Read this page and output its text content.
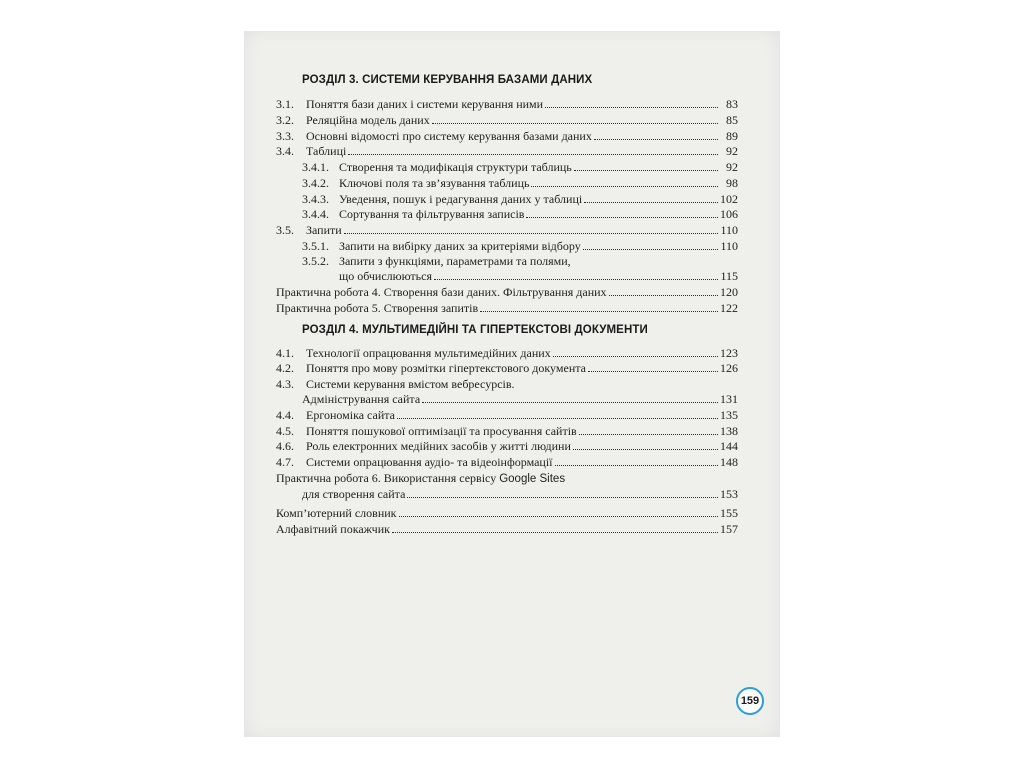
РОЗДІЛ 3. СИСТЕМИ КЕРУВАННЯ БАЗАМИ ДАНИХ
3.1.	Поняття бази даних і системи керування ними	83
3.2.	Реляційна модель даних	85
3.3.	Основні відомості про систему керування базами даних	89
3.4.	Таблиці	92
3.4.1. Створення та модифікація структури таблиць	92
3.4.2. Ключові поля та зв’язування таблиць	98
3.4.3. Уведення, пошук і редагування даних у таблиці	102
3.4.4. Сортування та фільтрування записів	106
3.5.	Запити	110
3.5.1. Запити на вибірку даних за критеріями відбору	110
3.5.2. Запити з функціями, параметрами та полями,
що обчислюються	115
Практична робота 4. Створення бази даних. Фільтрування даних	120
Практична робота 5. Створення запитів	122
РОЗДІЛ 4. МУЛЬТИМЕДІЙНІ ТА ГІПЕРТЕКСТОВІ ДОКУМЕНТИ
4.1.	Технології опрацювання мультимедійних даних	123
4.2.	Поняття про мову розмітки гіпертекстового документа	126
4.3.	Системи керування вмістом вебресурсів.
Адміністрування сайта	131
4.4.	Ергономіка сайта	135
4.5.	Поняття пошукової оптимізації та просування сайтів	138
4.6.	Роль електронних медійних засобів у житті людини	144
4.7.	Системи опрацювання аудіо- та відеоінформації	148
Практична робота 6. Використання сервісу Google Sites
для створення сайта	153
Комп’ютерний словник	155
Алфавітний покажчик	157
159
